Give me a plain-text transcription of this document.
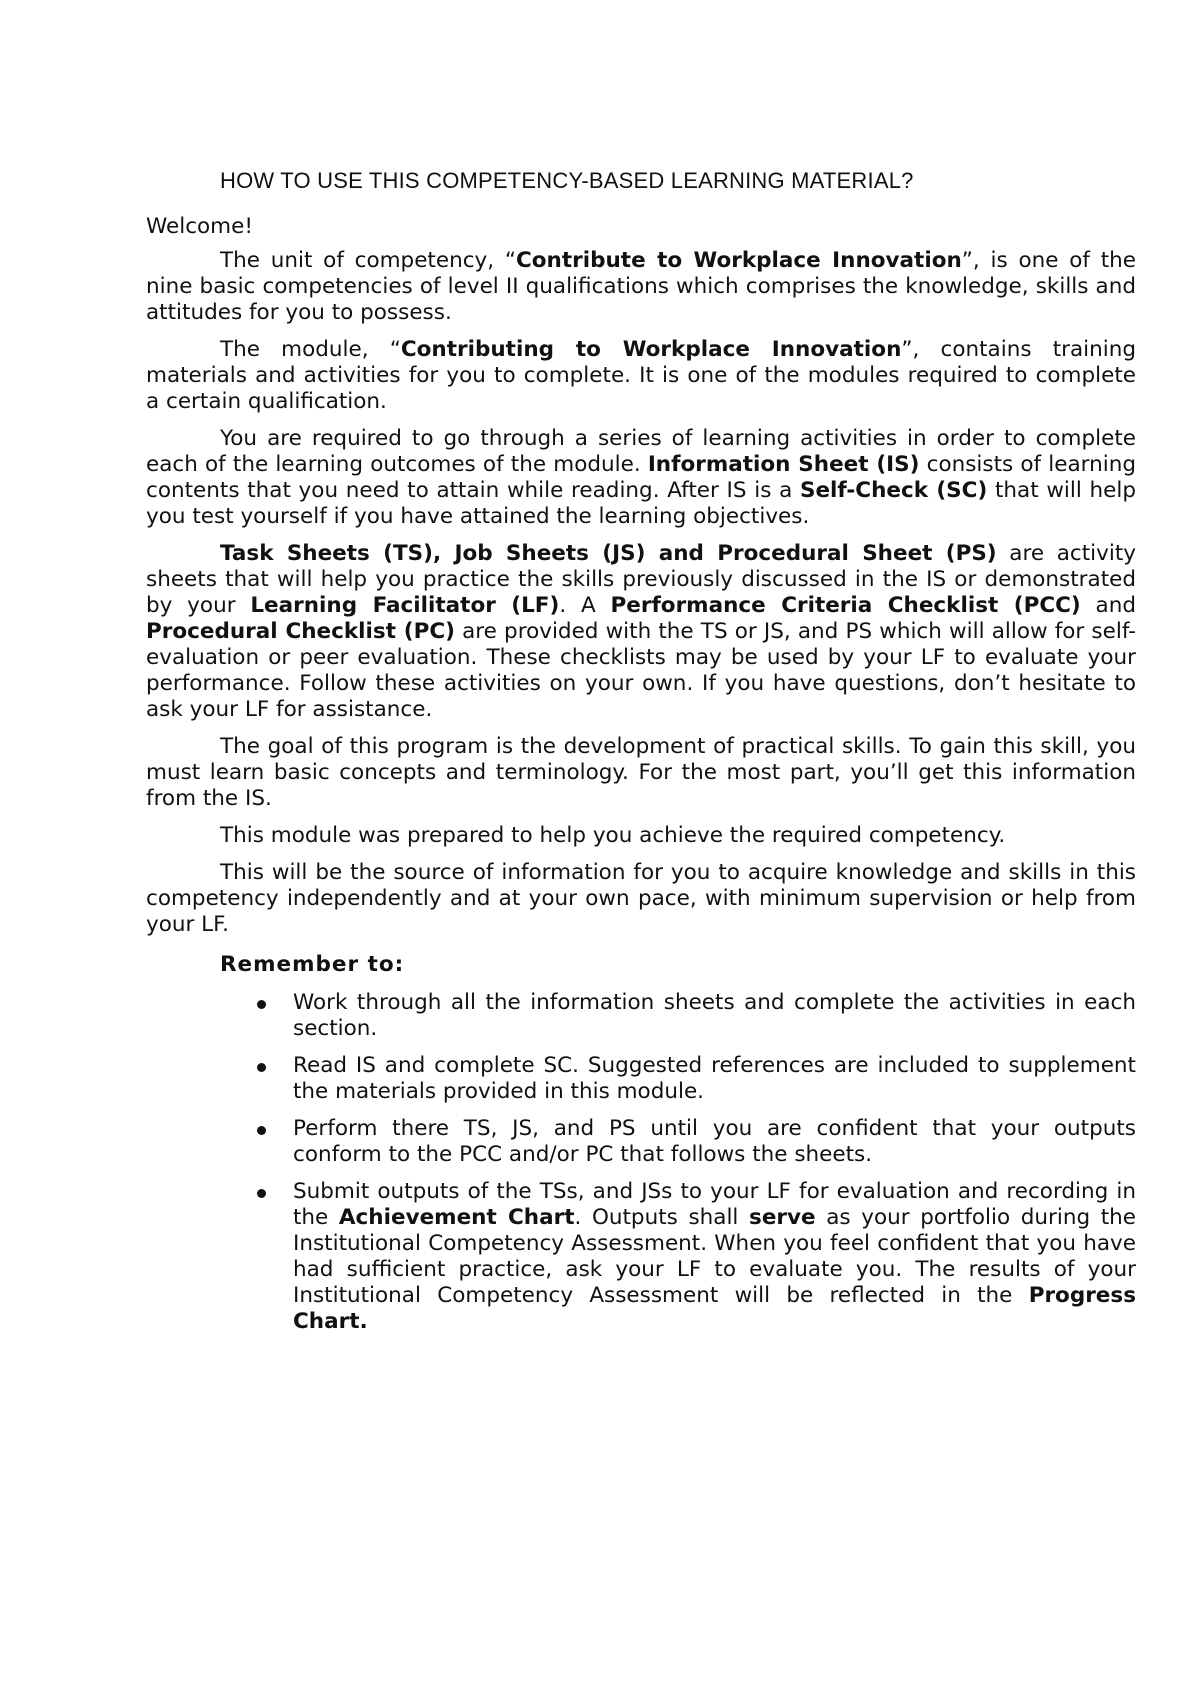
HOW TO USE THIS COMPETENCY-BASED LEARNING MATERIAL?
Welcome!

The unit of competency, “Contribute to Workplace Innovation”, is one of the nine basic competencies of level II qualifications which comprises the knowledge, skills and attitudes for you to possess.

The module, “Contributing to Workplace Innovation”, contains training materials and activities for you to complete. It is one of the modules required to complete a certain qualification.

You are required to go through a series of learning activities in order to complete each of the learning outcomes of the module. Information Sheet (IS) consists of learning contents that you need to attain while reading. After IS is a Self-Check (SC) that will help you test yourself if you have attained the learning objectives.

Task Sheets (TS), Job Sheets (JS) and Procedural Sheet (PS) are activity sheets that will help you practice the skills previously discussed in the IS or demonstrated by your Learning Facilitator (LF). A Performance Criteria Checklist (PCC) and Procedural Checklist (PC) are provided with the TS or JS, and PS which will allow for self-evaluation or peer evaluation. These checklists may be used by your LF to evaluate your performance. Follow these activities on your own. If you have questions, don’t hesitate to ask your LF for assistance.

The goal of this program is the development of practical skills. To gain this skill, you must learn basic concepts and terminology. For the most part, you’ll get this information from the IS.

This module was prepared to help you achieve the required competency.

This will be the source of information for you to acquire knowledge and skills in this competency independently and at your own pace, with minimum supervision or help from your LF.

Remember to:
Work through all the information sheets and complete the activities in each section.
Read IS and complete SC. Suggested references are included to supplement the materials provided in this module.
Perform there TS, JS, and PS until you are confident that your outputs conform to the PCC and/or PC that follows the sheets.
Submit outputs of the TSs, and JSs to your LF for evaluation and recording in the Achievement Chart. Outputs shall serve as your portfolio during the Institutional Competency Assessment. When you feel confident that you have had sufficient practice, ask your LF to evaluate you. The results of your Institutional Competency Assessment will be reflected in the Progress Chart.
